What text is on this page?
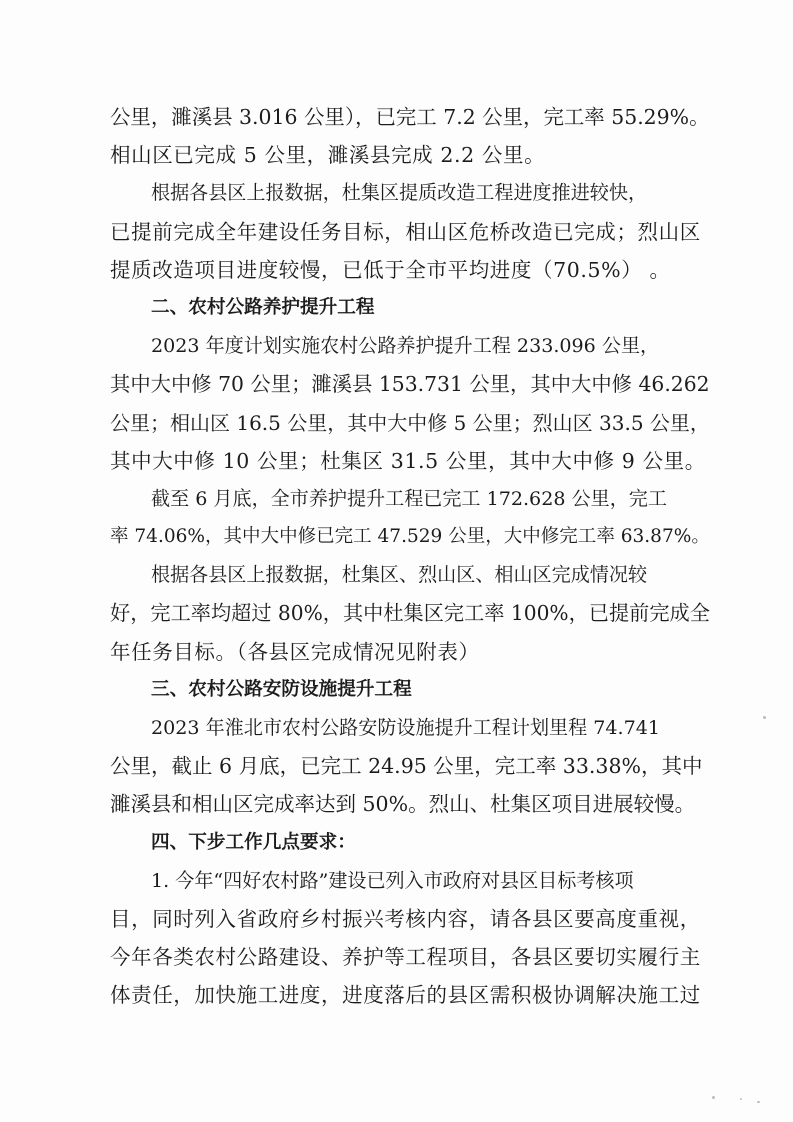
公里，濉溪县 3.016 公里），已完工 7.2 公里，完工率 55.29%。
相山区已完成 5 公里，濉溪县完成 2.2 公里。
根据各县区上报数据，杜集区提质改造工程进度推进较快，
已提前完成全年建设任务目标，相山区危桥改造已完成；烈山区
提质改造项目进度较慢，已低于全市平均进度（70.5%） 。
二、农村公路养护提升工程
2023 年度计划实施农村公路养护提升工程 233.096 公里，
其中大中修 70 公里；濉溪县 153.731 公里，其中大中修 46.262
公里；相山区 16.5 公里，其中大中修 5 公里；烈山区 33.5 公里，
其中大中修 10 公里；杜集区 31.5 公里，其中大中修 9 公里。
截至 6 月底，全市养护提升工程已完工 172.628 公里，完工
率 74.06%，其中大中修已完工 47.529 公里，大中修完工率 63.87%。
根据各县区上报数据，杜集区、烈山区、相山区完成情况较
好，完工率均超过 80%，其中杜集区完工率 100%，已提前完成全
年任务目标。（各县区完成情况见附表）
三、农村公路安防设施提升工程
2023 年淮北市农村公路安防设施提升工程计划里程 74.741
公里，截止 6 月底，已完工 24.95 公里，完工率 33.38%，其中
濉溪县和相山区完成率达到 50%。烈山、杜集区项目进展较慢。
四、下步工作几点要求：
1. 今年“四好农村路”建设已列入市政府对县区目标考核项
目，同时列入省政府乡村振兴考核内容，请各县区要高度重视，
今年各类农村公路建设、养护等工程项目，各县区要切实履行主
体责任，加快施工进度，进度落后的县区需积极协调解决施工过
